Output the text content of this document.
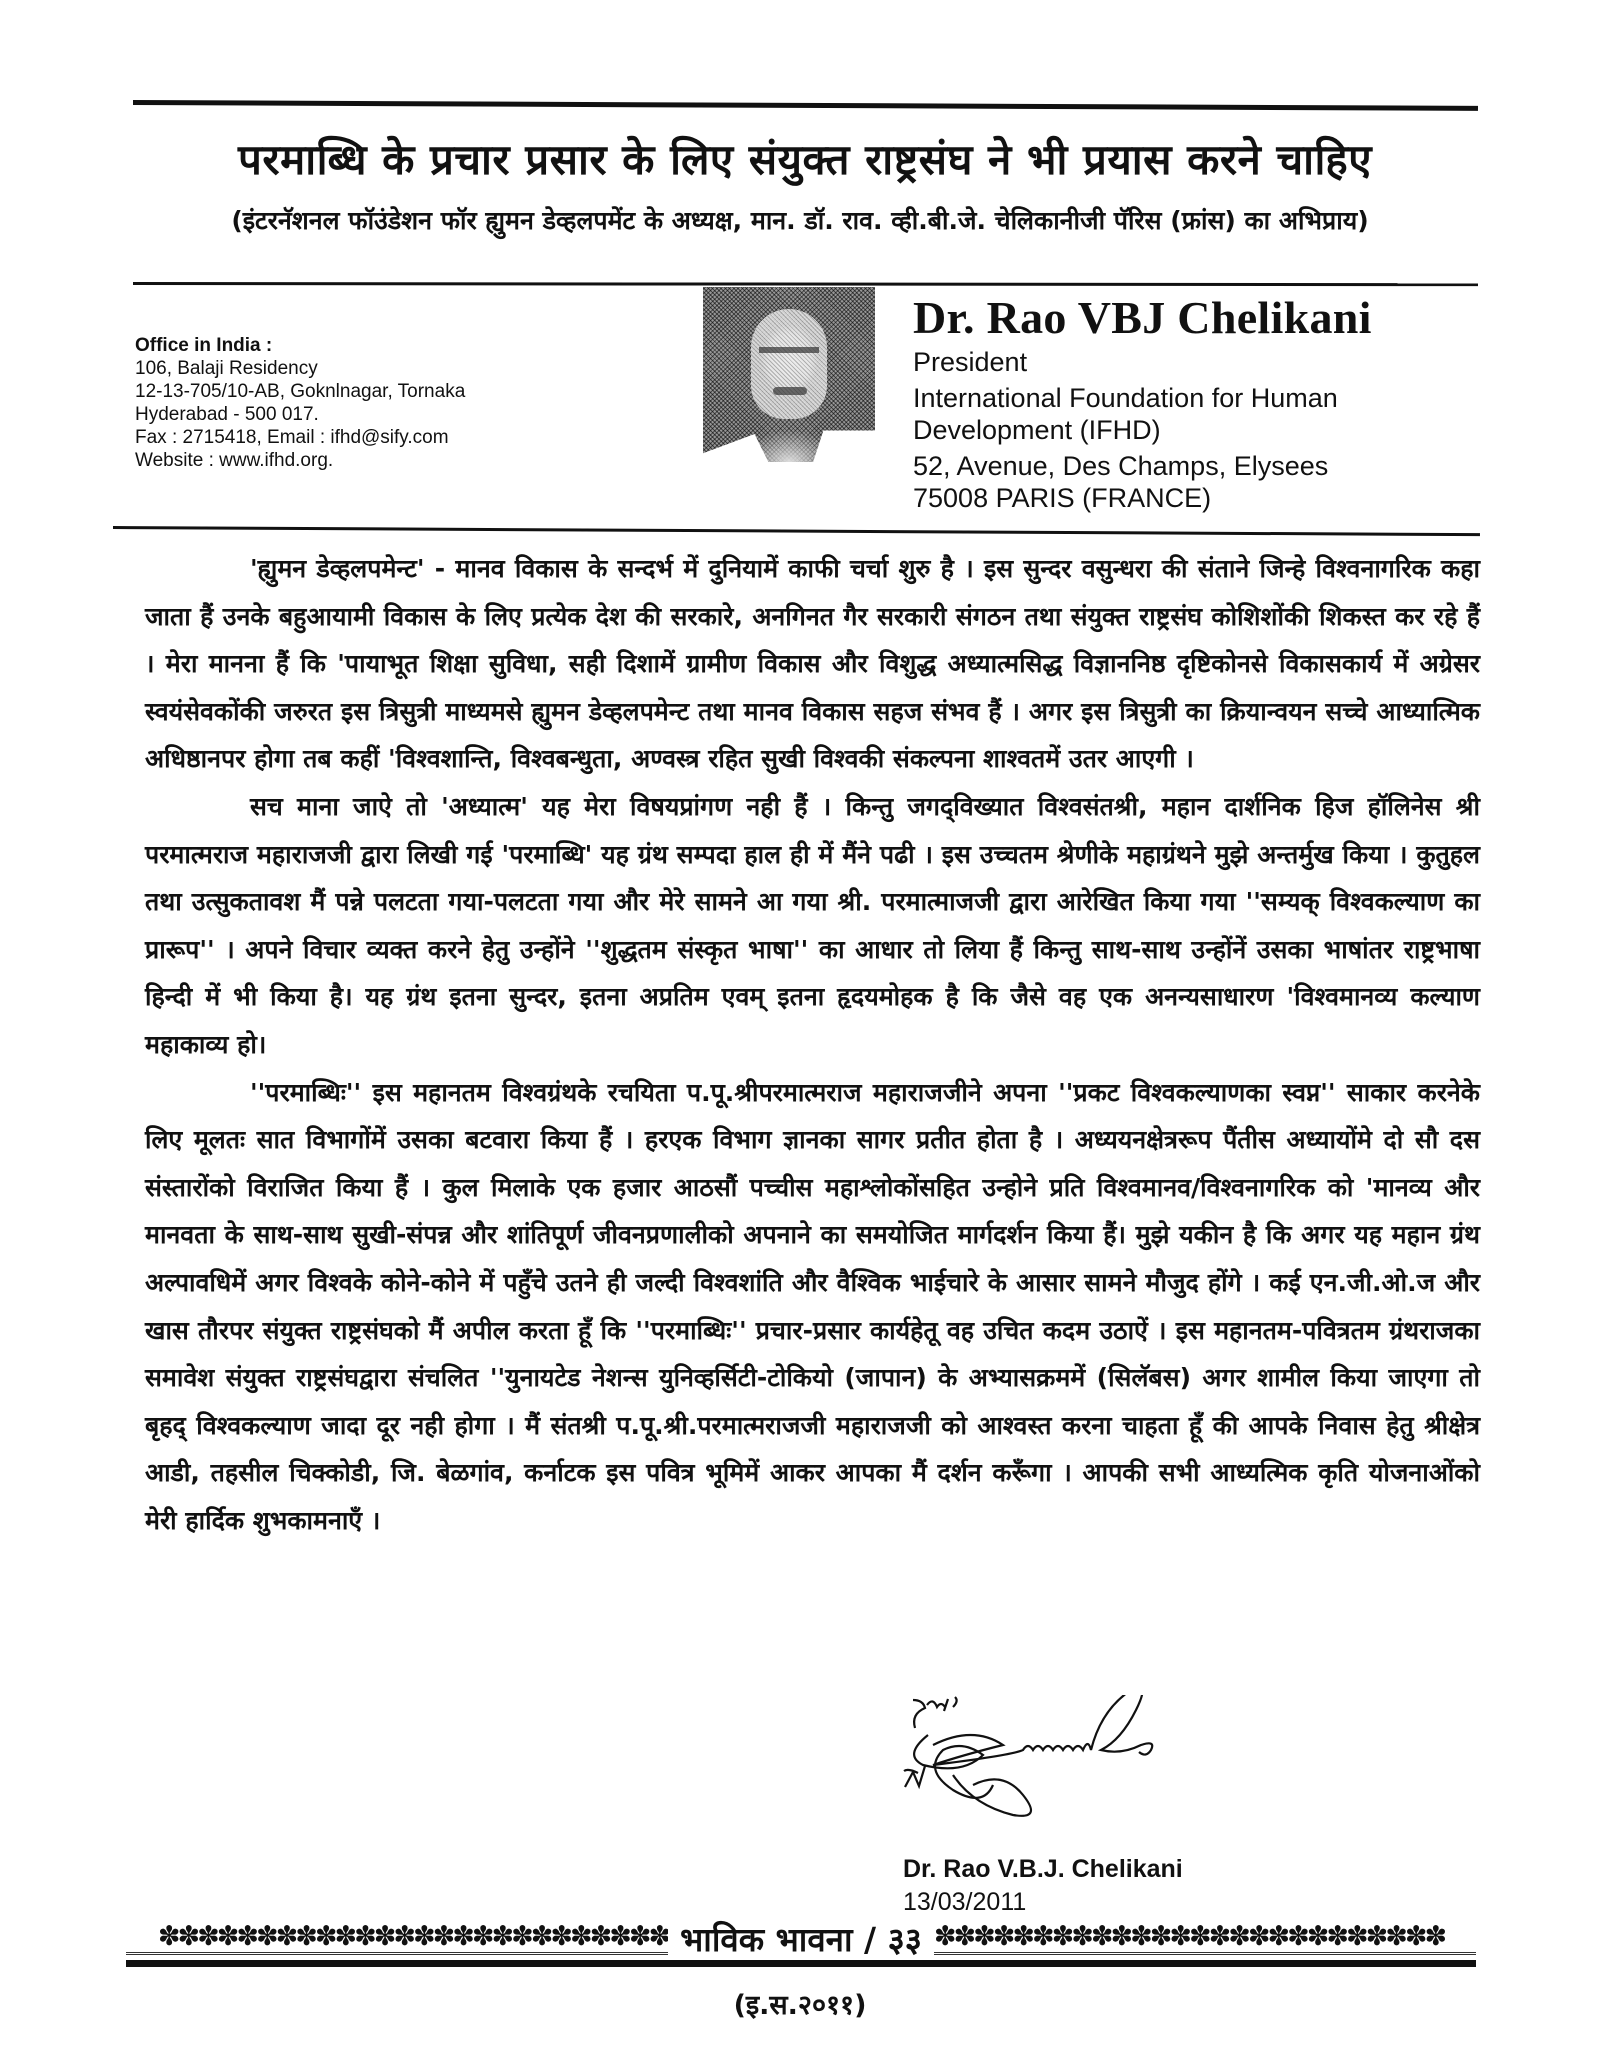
परमाब्धि के प्रचार प्रसार के लिए संयुक्त राष्ट्रसंघ ने भी प्रयास करने चाहिए
(इंटरनॅशनल फॉउंडेशन फॉर ह्युमन डेव्हलपमेंट के अध्यक्ष, मान. डॉ. राव. व्ही.बी.जे. चेलिकानीजी पॅरिस (फ्रांस) का अभिप्राय)
Office in India :
106, Balaji Residency
12-13-705/10-AB, Goknlnagar, Tornaka
Hyderabad - 500 017.
Fax : 2715418, Email : ifhd@sify.com
Website : www.ifhd.org.
Dr. Rao VBJ Chelikani
President
International Foundation for Human
Development (IFHD)
52, Avenue, Des Champs, Elysees
75008 PARIS (FRANCE)

'ह्युमन डेव्हलपमेन्ट' - मानव विकास के सन्दर्भ में दुनियामें काफी चर्चा शुरु है । इस सुन्दर वसुन्धरा की संताने जिन्हे विश्वनागरिक कहा जाता हैं उनके बहुआयामी विकास के लिए प्रत्येक देश की सरकारे, अनगिनत गैर सरकारी संगठन तथा संयुक्त राष्ट्रसंघ कोशिशोंकी शिकस्त कर रहे हैं । मेरा मानना हैं कि 'पायाभूत शिक्षा सुविधा, सही दिशामें ग्रामीण विकास और विशुद्ध अध्यात्मसिद्ध विज्ञाननिष्ठ दृष्टिकोनसे विकासकार्य में अग्रेसर स्वयंसेवकोंकी जरुरत इस त्रिसुत्री माध्यमसे ह्युमन डेव्हलपमेन्ट तथा मानव विकास सहज संभव हैं । अगर इस त्रिसुत्री का क्रियान्वयन सच्चे आध्यात्मिक अधिष्ठानपर होगा तब कहीं 'विश्वशान्ति, विश्वबन्धुता, अण्वस्त्र रहित सुखी विश्वकी संकल्पना शाश्वतमें उतर आएगी ।

सच माना जाऐ तो 'अध्यात्म' यह मेरा विषयप्रांगण नही हैं । किन्तु जगद्‌विख्यात विश्वसंतश्री, महान दार्शनिक हिज हॉलिनेस श्री परमात्मराज महाराजजी द्वारा लिखी गई 'परमाब्धि' यह ग्रंथ सम्पदा हाल ही में मैंने पढी । इस उच्चतम श्रेणीके महाग्रंथने मुझे अन्तर्मुख किया । कुतुहल तथा उत्सुकतावश मैं पन्ने पलटता गया-पलटता गया और मेरे सामने आ गया श्री. परमात्माजजी द्वारा आरेखित किया गया ''सम्यक् विश्वकल्याण का प्रारूप'' । अपने विचार व्यक्त करने हेतु उन्होंने ''शुद्धतम संस्कृत भाषा'' का आधार तो लिया हैं किन्तु साथ-साथ उन्होंनें उसका भाषांतर राष्ट्रभाषा हिन्दी में भी किया है। यह ग्रंथ इतना सुन्दर, इतना अप्रतिम एवम् इतना हृदयमोहक है कि जैसे वह एक अनन्यसाधारण 'विश्वमानव्य कल्याण महाकाव्य हो।

''परमाब्धिः'' इस महानतम विश्वग्रंथके रचयिता प.पू.श्रीपरमात्मराज महाराजजीने अपना ''प्रकट विश्वकल्याणका स्वप्न'' साकार करनेके लिए मूलतः सात विभागोंमें उसका बटवारा किया हैं । हरएक विभाग ज्ञानका सागर प्रतीत होता है । अध्ययनक्षेत्ररूप पैंतीस अध्यायोंमे दो सौ दस संस्तारोंको विराजित किया हैं । कुल मिलाके एक हजार आठसौं पच्चीस महाश्लोकोंसहित उन्होने प्रति विश्वमानव/विश्वनागरिक को 'मानव्य और मानवता के साथ-साथ सुखी-संपन्न और शांतिपूर्ण जीवनप्रणालीको अपनाने का समयोजित मार्गदर्शन किया हैं। मुझे यकीन है कि अगर यह महान ग्रंथ अल्पावधिमें अगर विश्वके कोने-कोने में पहुँचे उतने ही जल्दी विश्वशांति और वैश्विक भाईचारे के आसार सामने मौजुद होंगे । कई एन.जी.ओ.ज और खास तौरपर संयुक्त राष्ट्रसंघको मैं अपील करता हूँ कि ''परमाब्धिः'' प्रचार-प्रसार कार्यहेतू वह उचित कदम उठाऐं । इस महानतम-पवित्रतम ग्रंथराजका समावेश संयुक्त राष्ट्रसंघद्वारा संचलित ''युनायटेड नेशन्स युनिव्हर्सिटी-टोकियो (जापान) के अभ्यासक्रममें (सिलॅबस) अगर शामील किया जाएगा तो बृहद् विश्वकल्याण जादा दूर नही होगा । मैं संतश्री प.पू.श्री.परमात्मराजजी महाराजजी को आश्वस्त करना चाहता हूँ की आपके निवास हेतु श्रीक्षेत्र आडी, तहसील चिक्कोडी, जि. बेळगांव, कर्नाटक इस पवित्र भूमिमें आकर आपका मैं दर्शन करूँगा । आपकी सभी आध्यत्मिक कृति योजनाओंको मेरी हार्दिक शुभकामनाएँ ।

Dr. Rao V.B.J. Chelikani
13/03/2011
✽✽✽✽✽✽✽✽✽✽✽✽✽✽✽✽✽✽✽✽✽✽✽✽✽✽ भाविक भावना / ३३ ✽✽✽✽✽✽✽✽✽✽✽✽✽✽✽✽✽✽✽✽✽✽✽✽✽✽
(इ.स.२०११)
